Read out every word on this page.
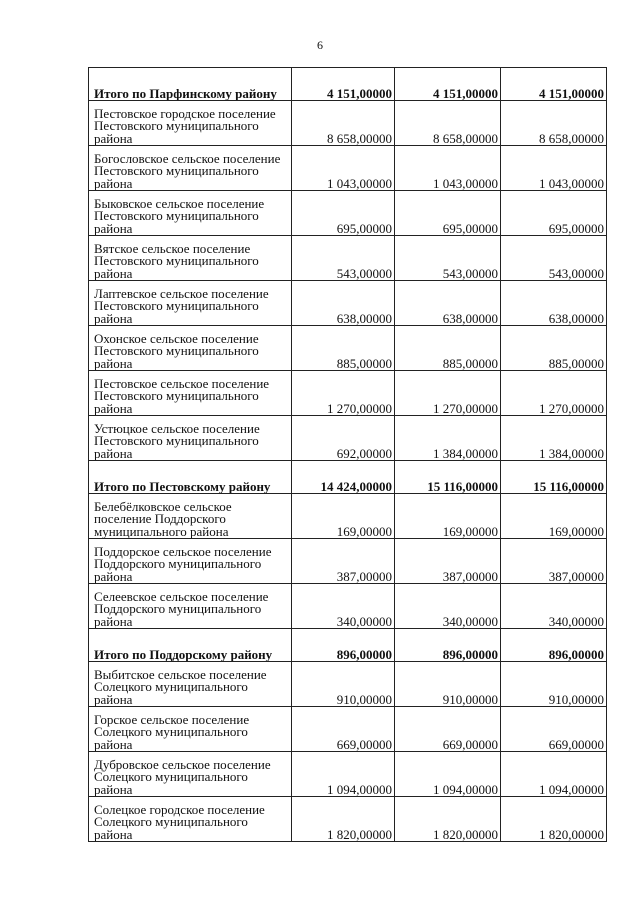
6
Итого по Парфинскому району	4 151,00000	4 151,00000	4 151,00000
Пестовское городское поселение Пестовского муниципального района	8 658,00000	8 658,00000	8 658,00000
Богословское сельское поселение Пестовского муниципального района	1 043,00000	1 043,00000	1 043,00000
Быковское сельское поселение Пестовского муниципального района	695,00000	695,00000	695,00000
Вятское сельское поселение Пестовского муниципального района	543,00000	543,00000	543,00000
Лаптевское сельское поселение Пестовского муниципального района	638,00000	638,00000	638,00000
Охонское сельское поселение Пестовского муниципального района	885,00000	885,00000	885,00000
Пестовское сельское поселение Пестовского муниципального района	1 270,00000	1 270,00000	1 270,00000
Устюцкое сельское поселение Пестовского муниципального района	692,00000	1 384,00000	1 384,00000
Итого по Пестовскому району	14 424,00000	15 116,00000	15 116,00000
Белебёлковское сельское поселение Поддорского муниципального района	169,00000	169,00000	169,00000
Поддорское сельское поселение Поддорского муниципального района	387,00000	387,00000	387,00000
Селеевское сельское поселение Поддорского муниципального района	340,00000	340,00000	340,00000
Итого по Поддорскому району	896,00000	896,00000	896,00000
Выбитское сельское поселение Солецкого муниципального района	910,00000	910,00000	910,00000
Горское сельское поселение Солецкого муниципального района	669,00000	669,00000	669,00000
Дубровское сельское поселение Солецкого муниципального района	1 094,00000	1 094,00000	1 094,00000
Солецкое городское поселение Солецкого муниципального района	1 820,00000	1 820,00000	1 820,00000
